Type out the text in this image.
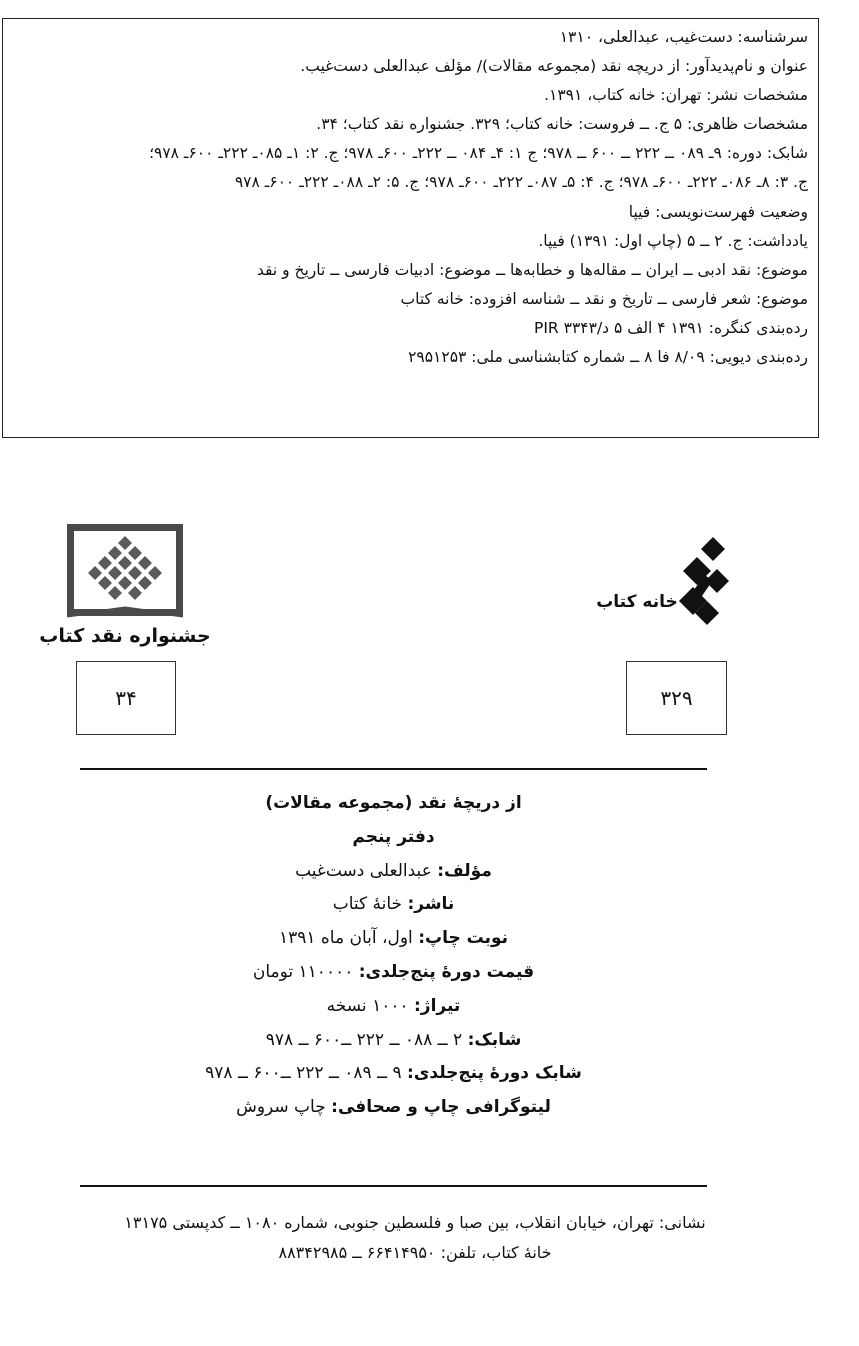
سرشناسه: دست‌غیب، عبدالعلی، ۱۳۱۰
عنوان و نام‌پدیدآور: از دریچه نقد (مجموعه مقالات)/ مؤلف عبدالعلی دست‌غیب.
مشخصات نشر: تهران: خانه کتاب، ۱۳۹۱.
مشخصات ظاهری: ۵ ج. ــ فروست: خانه کتاب؛ ۳۲۹. جشنواره نقد کتاب؛ ۳۴.
شابک: دوره: ۹ـ ۰۸۹ ــ ۲۲۲ ــ ۶۰۰ ــ ۹۷۸؛ ج ۱: ۴ـ ۰۸۴ ــ ۲۲۲ـ ۶۰۰ـ ۹۷۸؛ ج. ۲: ۱ـ ۰۸۵ـ ۲۲۲ـ ۶۰۰ـ ۹۷۸؛
ج. ۳: ۸ـ ۰۸۶ـ ۲۲۲ـ ۶۰۰ـ ۹۷۸؛ ج. ۴: ۵ـ ۰۸۷ـ ۲۲۲ـ ۶۰۰ـ ۹۷۸؛ ج. ۵: ۲ـ ۰۸۸ـ ۲۲۲ـ ۶۰۰ـ ۹۷۸
وضعیت فهرست‌نویسی: فیپا
یادداشت: ج. ۲ ــ ۵ (چاپ اول: ۱۳۹۱) فیپا.
موضوع: نقد ادبی ــ ایران ــ مقاله‌ها و خطابه‌ها ــ موضوع: ادبیات فارسی ــ تاریخ و نقد
موضوع: شعر فارسی ــ تاریخ و نقد ــ شناسه افزوده: خانه کتاب
رده‌بندی کنگره: ۱۳۹۱ ۴ الف ۵ د/۳۳۴۳ PIR
رده‌بندی دیویی: ۸/۰۹ فا ۸ ــ شماره کتابشناسی ملی: ۲۹۵۱۲۵۳
جشنواره نقد کتاب
خانه کتاب
۳۴	۳۲۹
از دریچهٔ نقد (مجموعه مقالات)
دفتر پنجم
مؤلف: عبدالعلی دست‌غیب
ناشر: خانهٔ کتاب
نوبت چاپ: اول، آبان ماه ۱۳۹۱
قیمت دورهٔ پنج‌جلدی: ۱۱۰۰۰۰ تومان
تیراژ: ۱۰۰۰ نسخه
شابک: ۲ ــ ۰۸۸ ــ ۲۲۲ ــ۶۰۰ ــ ۹۷۸
شابک دورهٔ پنج‌جلدی: ۹ ــ ۰۸۹ ــ ۲۲۲ ــ۶۰۰ ــ ۹۷۸
لیتوگرافی چاپ و صحافی: چاپ سروش
نشانی: تهران، خیابان انقلاب، بین صبا و فلسطین جنوبی، شماره ۱۰۸۰ ــ کدپستی ۱۳۱۷۵
خانهٔ کتاب، تلفن: ۶۶۴۱۴۹۵۰ ــ ۸۸۳۴۲۹۸۵
